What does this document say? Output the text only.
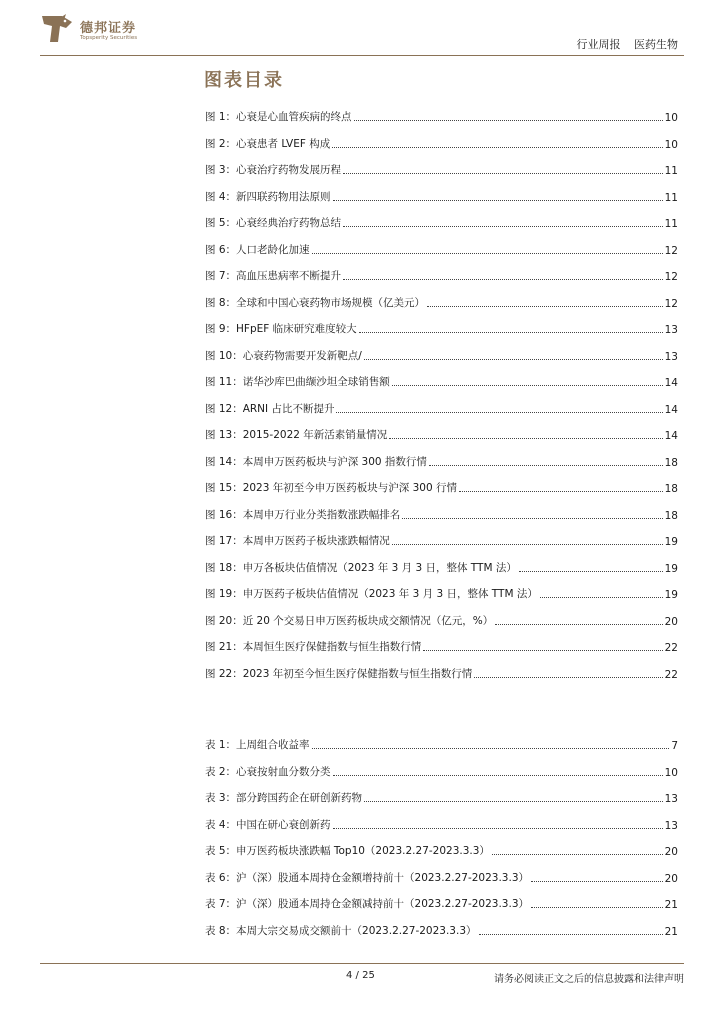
德邦证券
Topsperity Securities	行业周报 医药生物
图表目录
图 1：心衰是心血管疾病的终点	10
图 2：心衰患者 LVEF 构成	10
图 3：心衰治疗药物发展历程	11
图 4：新四联药物用法原则	11
图 5：心衰经典治疗药物总结	11
图 6：人口老龄化加速	12
图 7：高血压患病率不断提升	12
图 8：全球和中国心衰药物市场规模（亿美元）	12
图 9：HFpEF 临床研究难度较大	13
图 10：心衰药物需要开发新靶点/	13
图 11：诺华沙库巴曲缬沙坦全球销售额	14
图 12：ARNI 占比不断提升	14
图 13：2015-2022 年新活素销量情况	14
图 14：本周申万医药板块与沪深 300 指数行情	18
图 15：2023 年初至今申万医药板块与沪深 300 行情	18
图 16：本周申万行业分类指数涨跌幅排名	18
图 17：本周申万医药子板块涨跌幅情况	19
图 18：申万各板块估值情况（2023 年 3 月 3 日，整体 TTM 法）	19
图 19：申万医药子板块估值情况（2023 年 3 月 3 日，整体 TTM 法）	19
图 20：近 20 个交易日申万医药板块成交额情况（亿元，%）	20
图 21：本周恒生医疗保健指数与恒生指数行情	22
图 22：2023 年初至今恒生医疗保健指数与恒生指数行情	22
表 1：上周组合收益率	7
表 2：心衰按射血分数分类	10
表 3：部分跨国药企在研创新药物	13
表 4：中国在研心衰创新药	13
表 5：申万医药板块涨跌幅 Top10（2023.2.27-2023.3.3）	20
表 6：沪（深）股通本周持仓金额增持前十（2023.2.27-2023.3.3）	20
表 7：沪（深）股通本周持仓金额减持前十（2023.2.27-2023.3.3）	21
表 8：本周大宗交易成交额前十（2023.2.27-2023.3.3）	21
4 / 25	请务必阅读正文之后的信息披露和法律声明
